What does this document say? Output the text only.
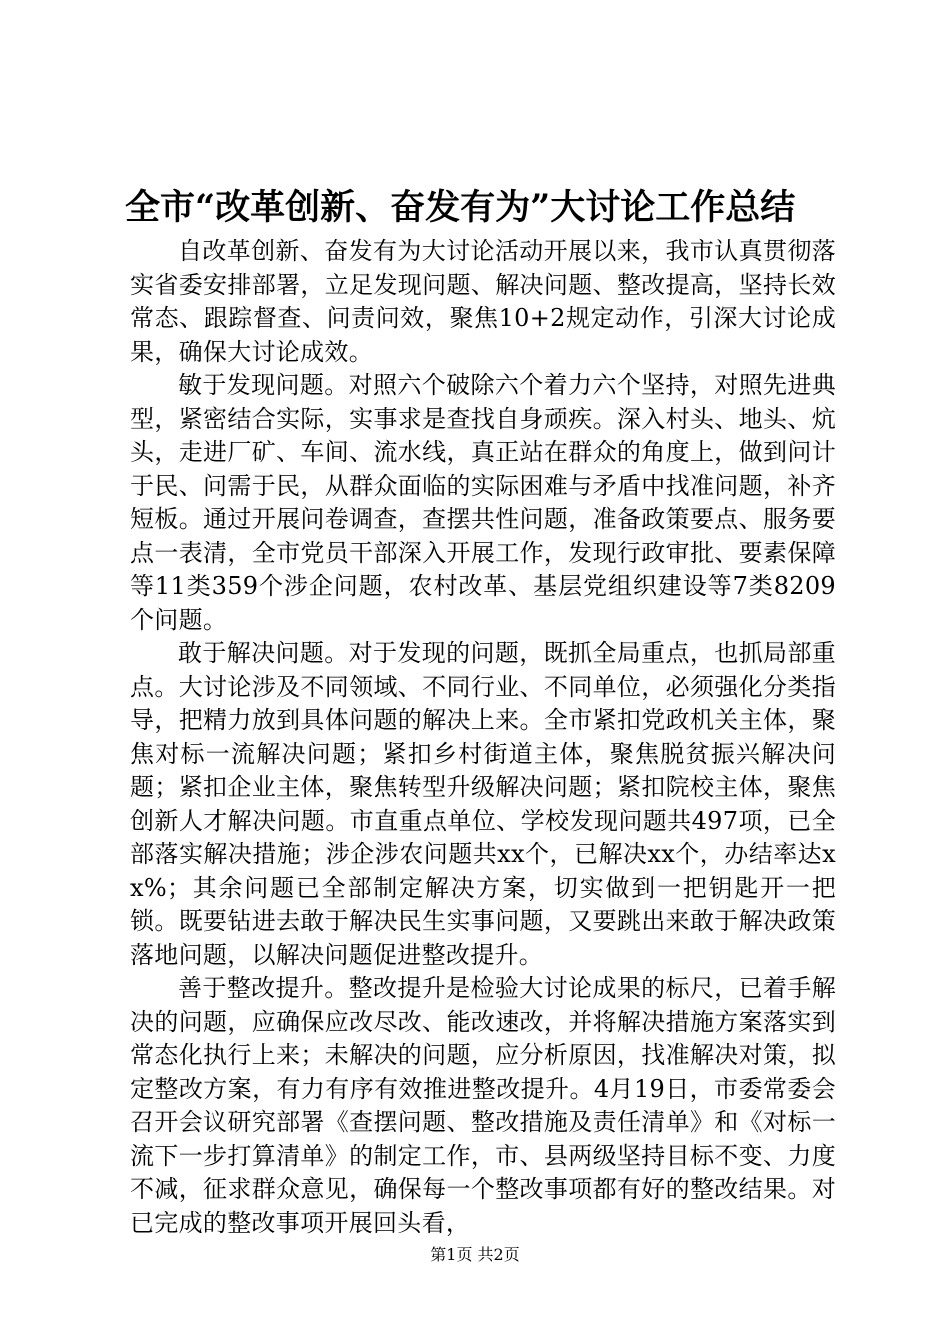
全市“改革创新、奋发有为”大讨论工作总结

自改革创新、奋发有为大讨论活动开展以来，我市认真贯彻落实省委安排部署，立足发现问题、解决问题、整改提高，坚持长效常态、跟踪督查、问责问效，聚焦10+2规定动作，引深大讨论成果，确保大讨论成效。

敏于发现问题。对照六个破除六个着力六个坚持，对照先进典型，紧密结合实际，实事求是查找自身顽疾。深入村头、地头、炕头，走进厂矿、车间、流水线，真正站在群众的角度上，做到问计于民、问需于民，从群众面临的实际困难与矛盾中找准问题，补齐短板。通过开展问卷调查，查摆共性问题，准备政策要点、服务要点一表清，全市党员干部深入开展工作，发现行政审批、要素保障等11类359个涉企问题，农村改革、基层党组织建设等7类8209个问题。

敢于解决问题。对于发现的问题，既抓全局重点，也抓局部重点。大讨论涉及不同领域、不同行业、不同单位，必须强化分类指导，把精力放到具体问题的解决上来。全市紧扣党政机关主体，聚焦对标一流解决问题；紧扣乡村街道主体，聚焦脱贫振兴解决问题；紧扣企业主体，聚焦转型升级解决问题；紧扣院校主体，聚焦创新人才解决问题。市直重点单位、学校发现问题共497项，已全部落实解决措施；涉企涉农问题共xx个，已解决xx个，办结率达xx%；其余问题已全部制定解决方案，切实做到一把钥匙开一把锁。既要钻进去敢于解决民生实事问题，又要跳出来敢于解决政策落地问题，以解决问题促进整改提升。

善于整改提升。整改提升是检验大讨论成果的标尺，已着手解决的问题，应确保应改尽改、能改速改，并将解决措施方案落实到常态化执行上来；未解决的问题，应分析原因，找准解决对策，拟定整改方案，有力有序有效推进整改提升。4月19日，市委常委会召开会议研究部署《查摆问题、整改措施及责任清单》和《对标一流下一步打算清单》的制定工作，市、县两级坚持目标不变、力度不减，征求群众意见，确保每一个整改事项都有好的整改结果。对已完成的整改事项开展回头看，

第1页 共2页
